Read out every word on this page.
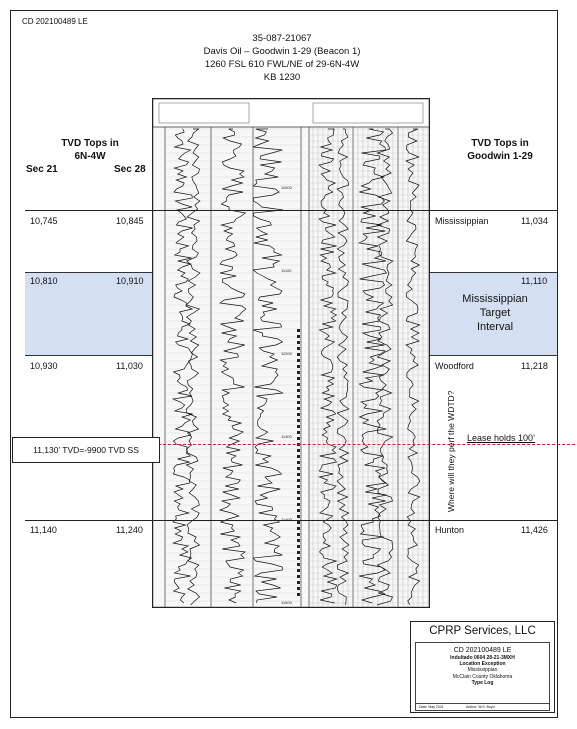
CD 202100489 LE
35-087-21067
Davis Oil – Goodwin 1-29 (Beacon 1)
1260 FSL 610 FWL/NE of 29-6N-4W
KB 1230
TVD Tops in
6N-4W
Sec 21	Sec 28
TVD Tops in
Goodwin 1-29
11000
11100
11200
11300
11400
11500
10,745	10,845	Mississippian	11,034
10,810	10,910	11,110
10,930	11,030	Woodford	11,218
11,140	11,240	Hunton	11,426
Mississippian
Target
Interval
11,130’ TVD=-9900 TVD SS
Lease holds 100’
Where will they perf the WDTD?
CPRP Services, LLC
CD 202100489 LE
Indultado 0604 28-21-3MXH
Location Exception
Mississippian
McClain County Oklahoma
Type Log
Date: May 2021	Author: W.S. Boyd
